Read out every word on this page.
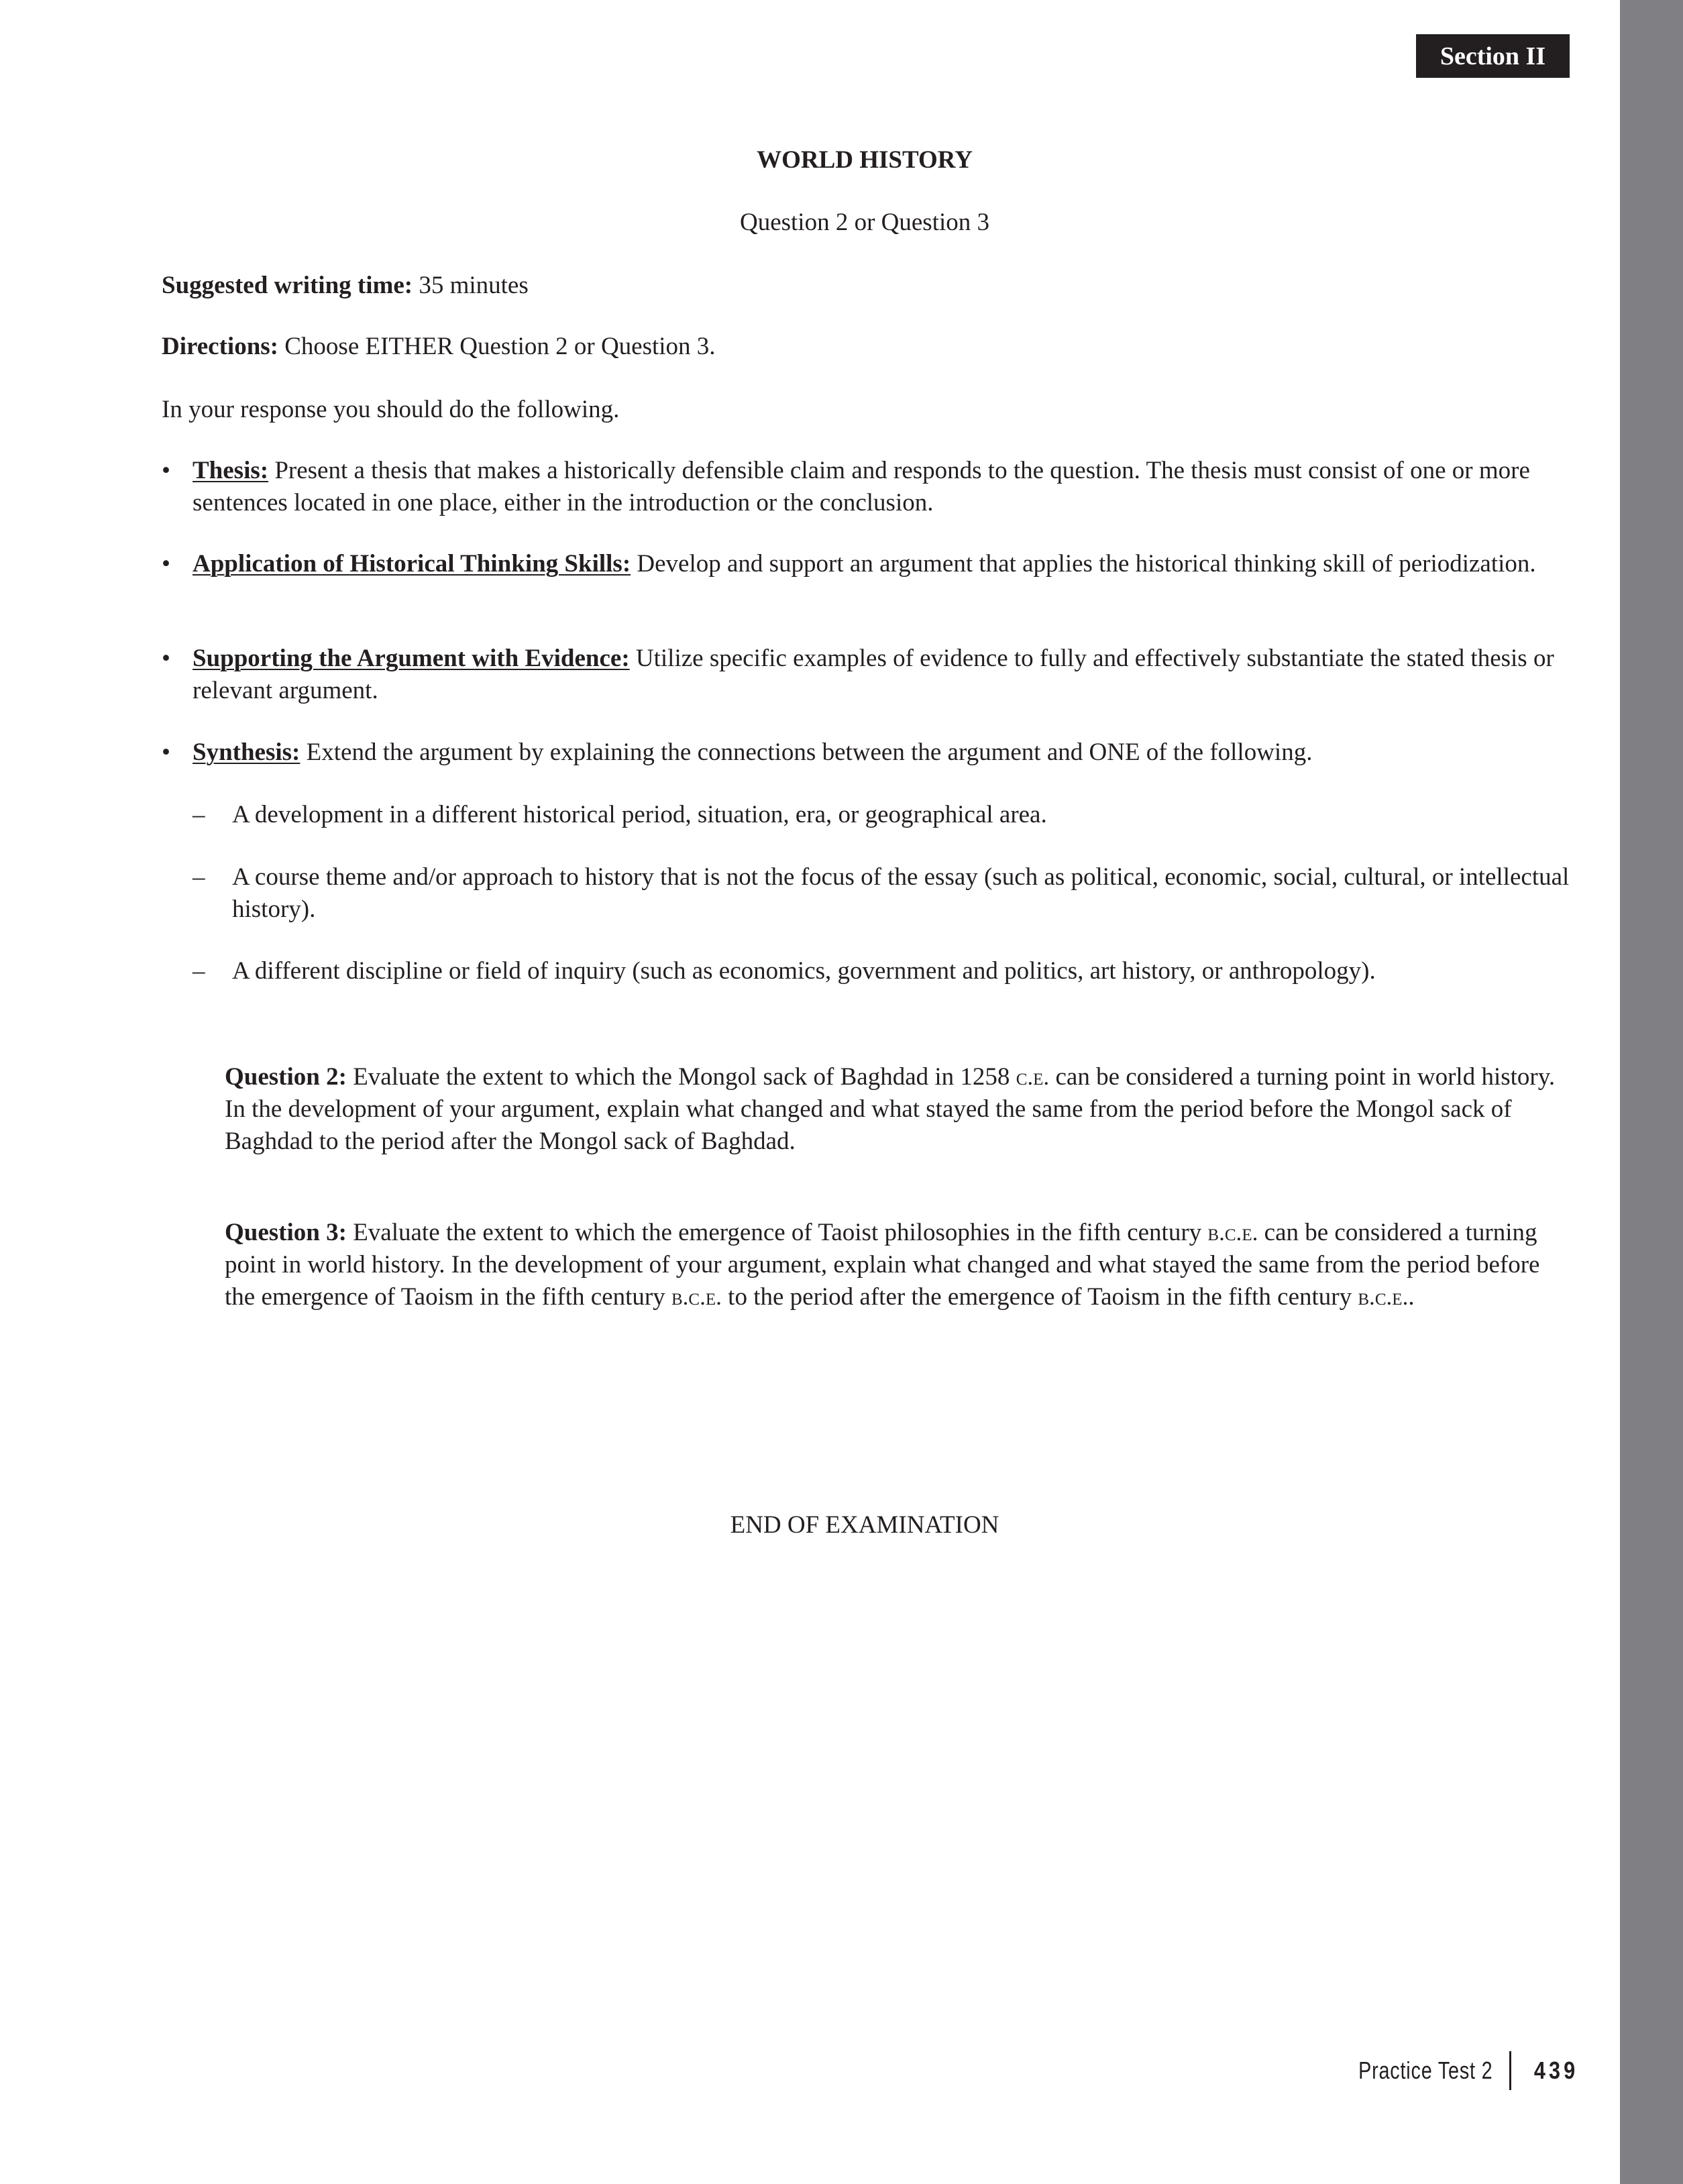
Section II
WORLD HISTORY
Question 2 or Question 3
Suggested writing time: 35 minutes
Directions: Choose EITHER Question 2 or Question 3.
In your response you should do the following.
• Thesis: Present a thesis that makes a historically defensible claim and responds to the question. The thesis must consist of one or more sentences located in one place, either in the introduction or the conclusion.
• Application of Historical Thinking Skills: Develop and support an argument that applies the historical thinking skill of periodization.
• Supporting the Argument with Evidence: Utilize specific examples of evidence to fully and effectively substantiate the stated thesis or relevant argument.
• Synthesis: Extend the argument by explaining the connections between the argument and ONE of the following.
– A development in a different historical period, situation, era, or geographical area.
– A course theme and/or approach to history that is not the focus of the essay (such as political, economic, social, cultural, or intellectual history).
– A different discipline or field of inquiry (such as economics, government and politics, art history, or anthropology).
Question 2: Evaluate the extent to which the Mongol sack of Baghdad in 1258 c.e. can be considered a turning point in world history. In the development of your argument, explain what changed and what stayed the same from the period before the Mongol sack of Baghdad to the period after the Mongol sack of Baghdad.
Question 3: Evaluate the extent to which the emergence of Taoist philosophies in the fifth century b.c.e. can be considered a turning point in world history. In the development of your argument, explain what changed and what stayed the same from the period before the emergence of Taoism in the fifth century b.c.e. to the period after the emergence of Taoism in the fifth century b.c.e..
END OF EXAMINATION
Practice Test 2 439
